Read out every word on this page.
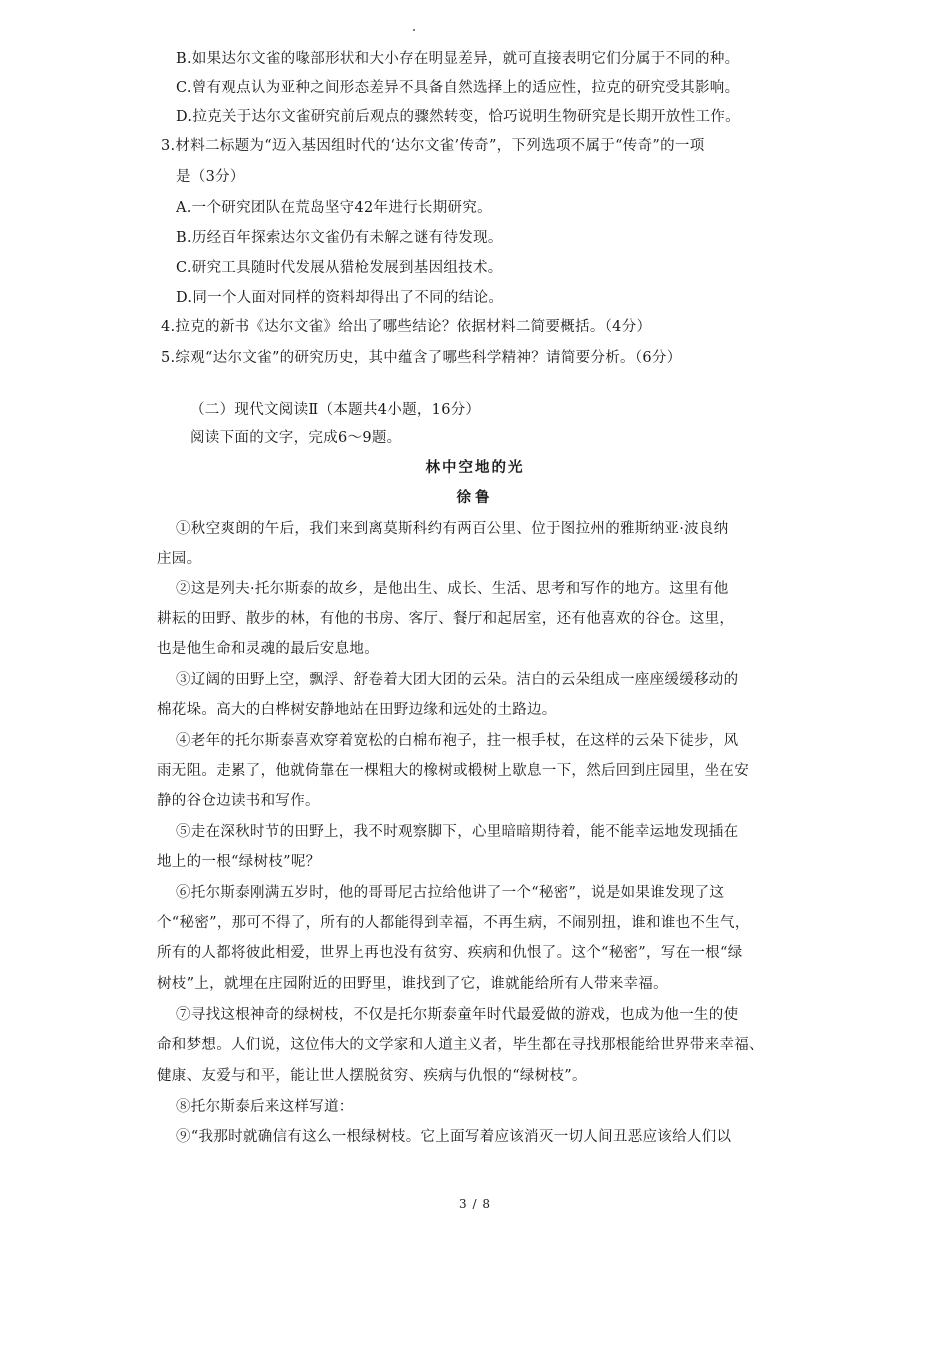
B.如果达尔文雀的喙部形状和大小存在明显差异，就可直接表明它们分属于不同的种。
C.曾有观点认为亚种之间形态差异不具备自然选择上的适应性，拉克的研究受其影响。
D.拉克关于达尔文雀研究前后观点的骤然转变，恰巧说明生物研究是长期开放性工作。
3.材料二标题为“迈入基因组时代的‘达尔文雀’传奇”，下列选项不属于“传奇”的一项
是（3分）
A.一个研究团队在荒岛坚守42年进行长期研究。
B.历经百年探索达尔文雀仍有未解之谜有待发现。
C.研究工具随时代发展从猎枪发展到基因组技术。
D.同一个人面对同样的资料却得出了不同的结论。
4.拉克的新书《达尔文雀》给出了哪些结论？依据材料二简要概括。（4分）
5.综观“达尔文雀”的研究历史，其中蕴含了哪些科学精神？请简要分析。（6分）
（二）现代文阅读Ⅱ（本题共4小题，16分）
阅读下面的文字，完成6～9题。
林中空地的光
徐鲁
①秋空爽朗的午后，我们来到离莫斯科约有两百公里、位于图拉州的雅斯纳亚·波良纳
庄园。
②这是列夫·托尔斯泰的故乡，是他出生、成长、生活、思考和写作的地方。这里有他
耕耘的田野、散步的林，有他的书房、客厅、餐厅和起居室，还有他喜欢的谷仓。这里，
也是他生命和灵魂的最后安息地。
③辽阔的田野上空，飘浮、舒卷着大团大团的云朵。洁白的云朵组成一座座缓缓移动的
棉花垛。高大的白桦树安静地站在田野边缘和远处的土路边。
④老年的托尔斯泰喜欢穿着宽松的白棉布袍子，拄一根手杖，在这样的云朵下徒步，风
雨无阻。走累了，他就倚靠在一棵粗大的橡树或椴树上歇息一下，然后回到庄园里，坐在安
静的谷仓边读书和写作。
⑤走在深秋时节的田野上，我不时观察脚下，心里暗暗期待着，能不能幸运地发现插在
地上的一根“绿树枝”呢？
⑥托尔斯泰刚满五岁时，他的哥哥尼古拉给他讲了一个“秘密”，说是如果谁发现了这
个“秘密”，那可不得了，所有的人都能得到幸福，不再生病，不闹别扭，谁和谁也不生气，
所有的人都将彼此相爱，世界上再也没有贫穷、疾病和仇恨了。这个“秘密”，写在一根“绿
树枝”上，就埋在庄园附近的田野里，谁找到了它，谁就能给所有人带来幸福。
⑦寻找这根神奇的绿树枝，不仅是托尔斯泰童年时代最爱做的游戏，也成为他一生的使
命和梦想。人们说，这位伟大的文学家和人道主义者，毕生都在寻找那根能给世界带来幸福、
健康、友爱与和平，能让世人摆脱贫穷、疾病与仇恨的“绿树枝”。
⑧托尔斯泰后来这样写道：
⑨“我那时就确信有这么一根绿树枝。它上面写着应该消灭一切人间丑恶应该给人们以
3 / 8
